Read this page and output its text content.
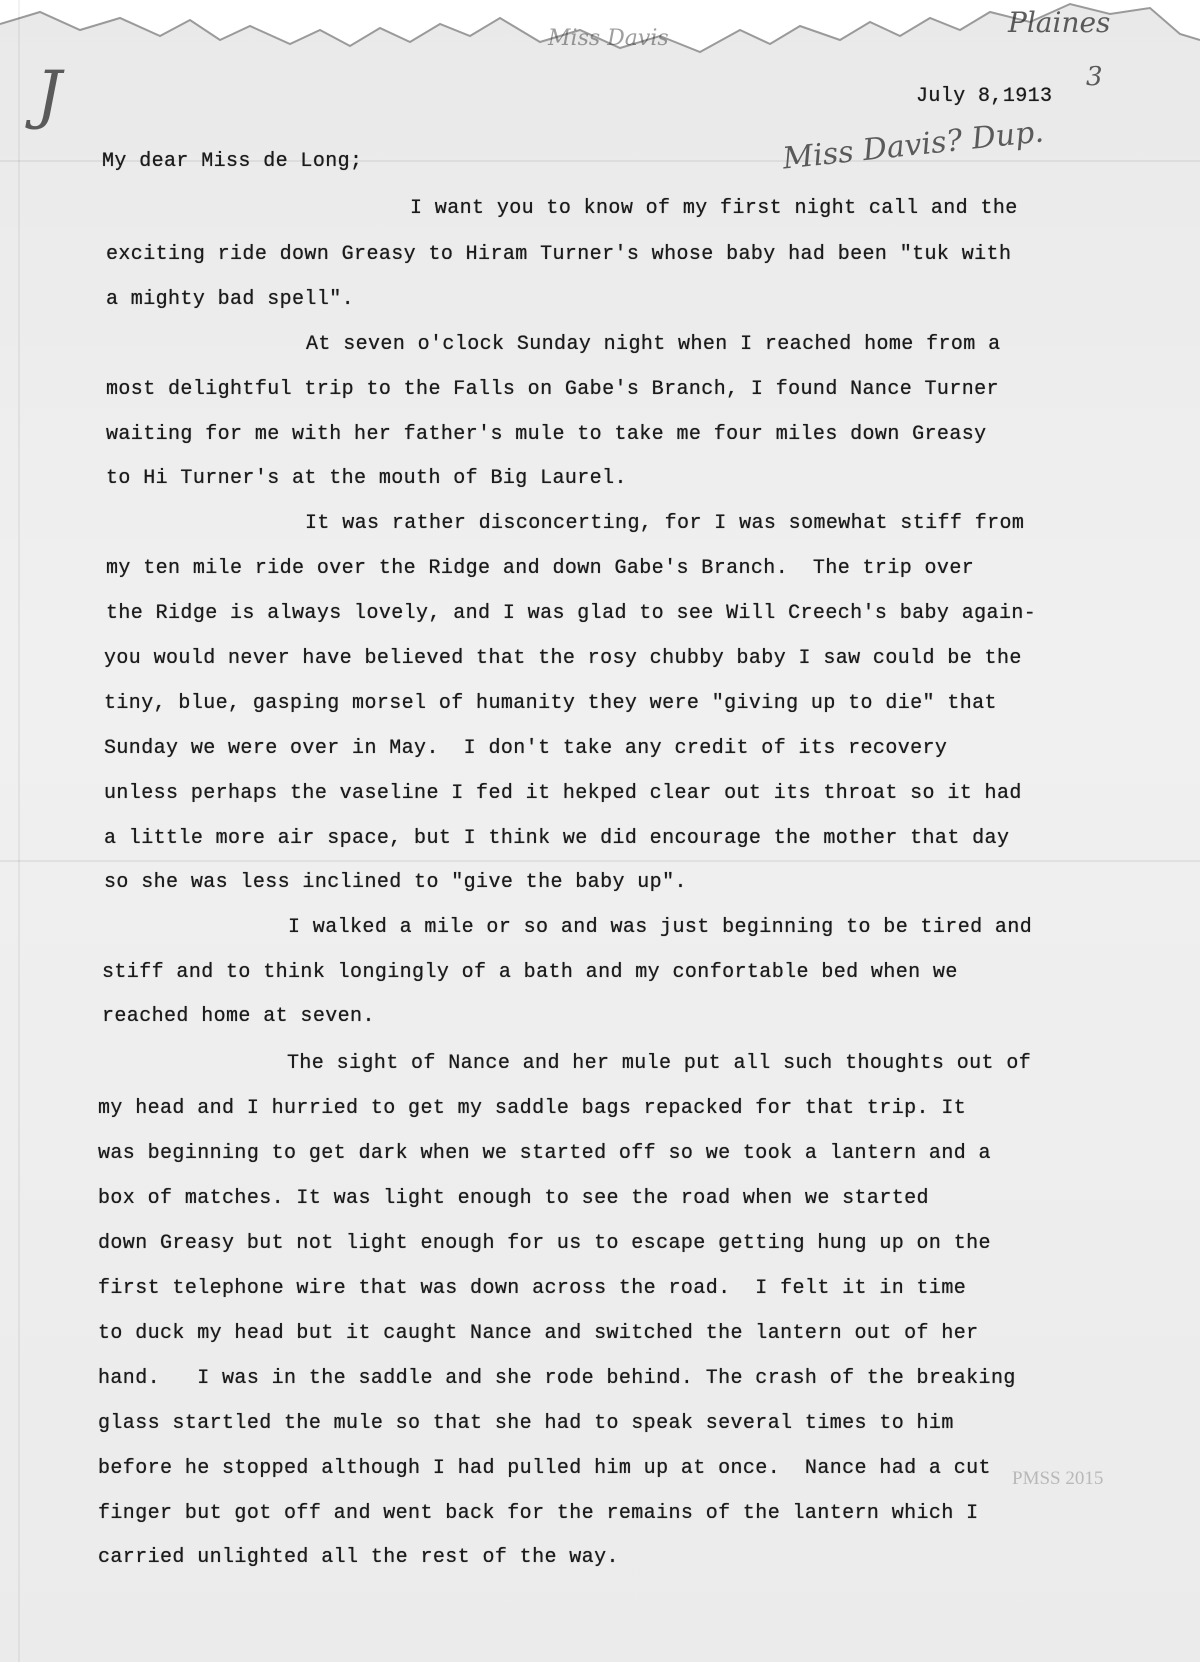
J

Miss Davis	Plaines

3

Miss Davis? Dup.

July 8,1913

My dear Miss de Long;

I want you to know of my first night call and the

exciting ride down Greasy to Hiram Turner's whose baby had been "tuk with

a mighty bad spell".

At seven o'clock Sunday night when I reached home from a

most delightful trip to the Falls on Gabe's Branch, I found Nance Turner

waiting for me with her father's mule to take me four miles down Greasy

to Hi Turner's at the mouth of Big Laurel.

It was rather disconcerting, for I was somewhat stiff from

my ten mile ride over the Ridge and down Gabe's Branch.  The trip over

the Ridge is always lovely, and I was glad to see Will Creech's baby again-

you would never have believed that the rosy chubby baby I saw could be the

tiny, blue, gasping morsel of humanity they were "giving up to die" that

Sunday we were over in May.  I don't take any credit of its recovery

unless perhaps the vaseline I fed it hekped clear out its throat so it had

a little more air space, but I think we did encourage the mother that day

so she was less inclined to "give the baby up".

I walked a mile or so and was just beginning to be tired and

stiff and to think longingly of a bath and my confortable bed when we

reached home at seven.

The sight of Nance and her mule put all such thoughts out of

my head and I hurried to get my saddle bags repacked for that trip. It

was beginning to get dark when we started off so we took a lantern and a

box of matches. It was light enough to see the road when we started

down Greasy but not light enough for us to escape getting hung up on the

first telephone wire that was down across the road.  I felt it in time

to duck my head but it caught Nance and switched the lantern out of her

hand.   I was in the saddle and she rode behind. The crash of the breaking

glass startled the mule so that she had to speak several times to him

before he stopped although I had pulled him up at once.  Nance had a cut

finger but got off and went back for the remains of the lantern which I

carried unlighted all the rest of the way.

PMSS 2015
